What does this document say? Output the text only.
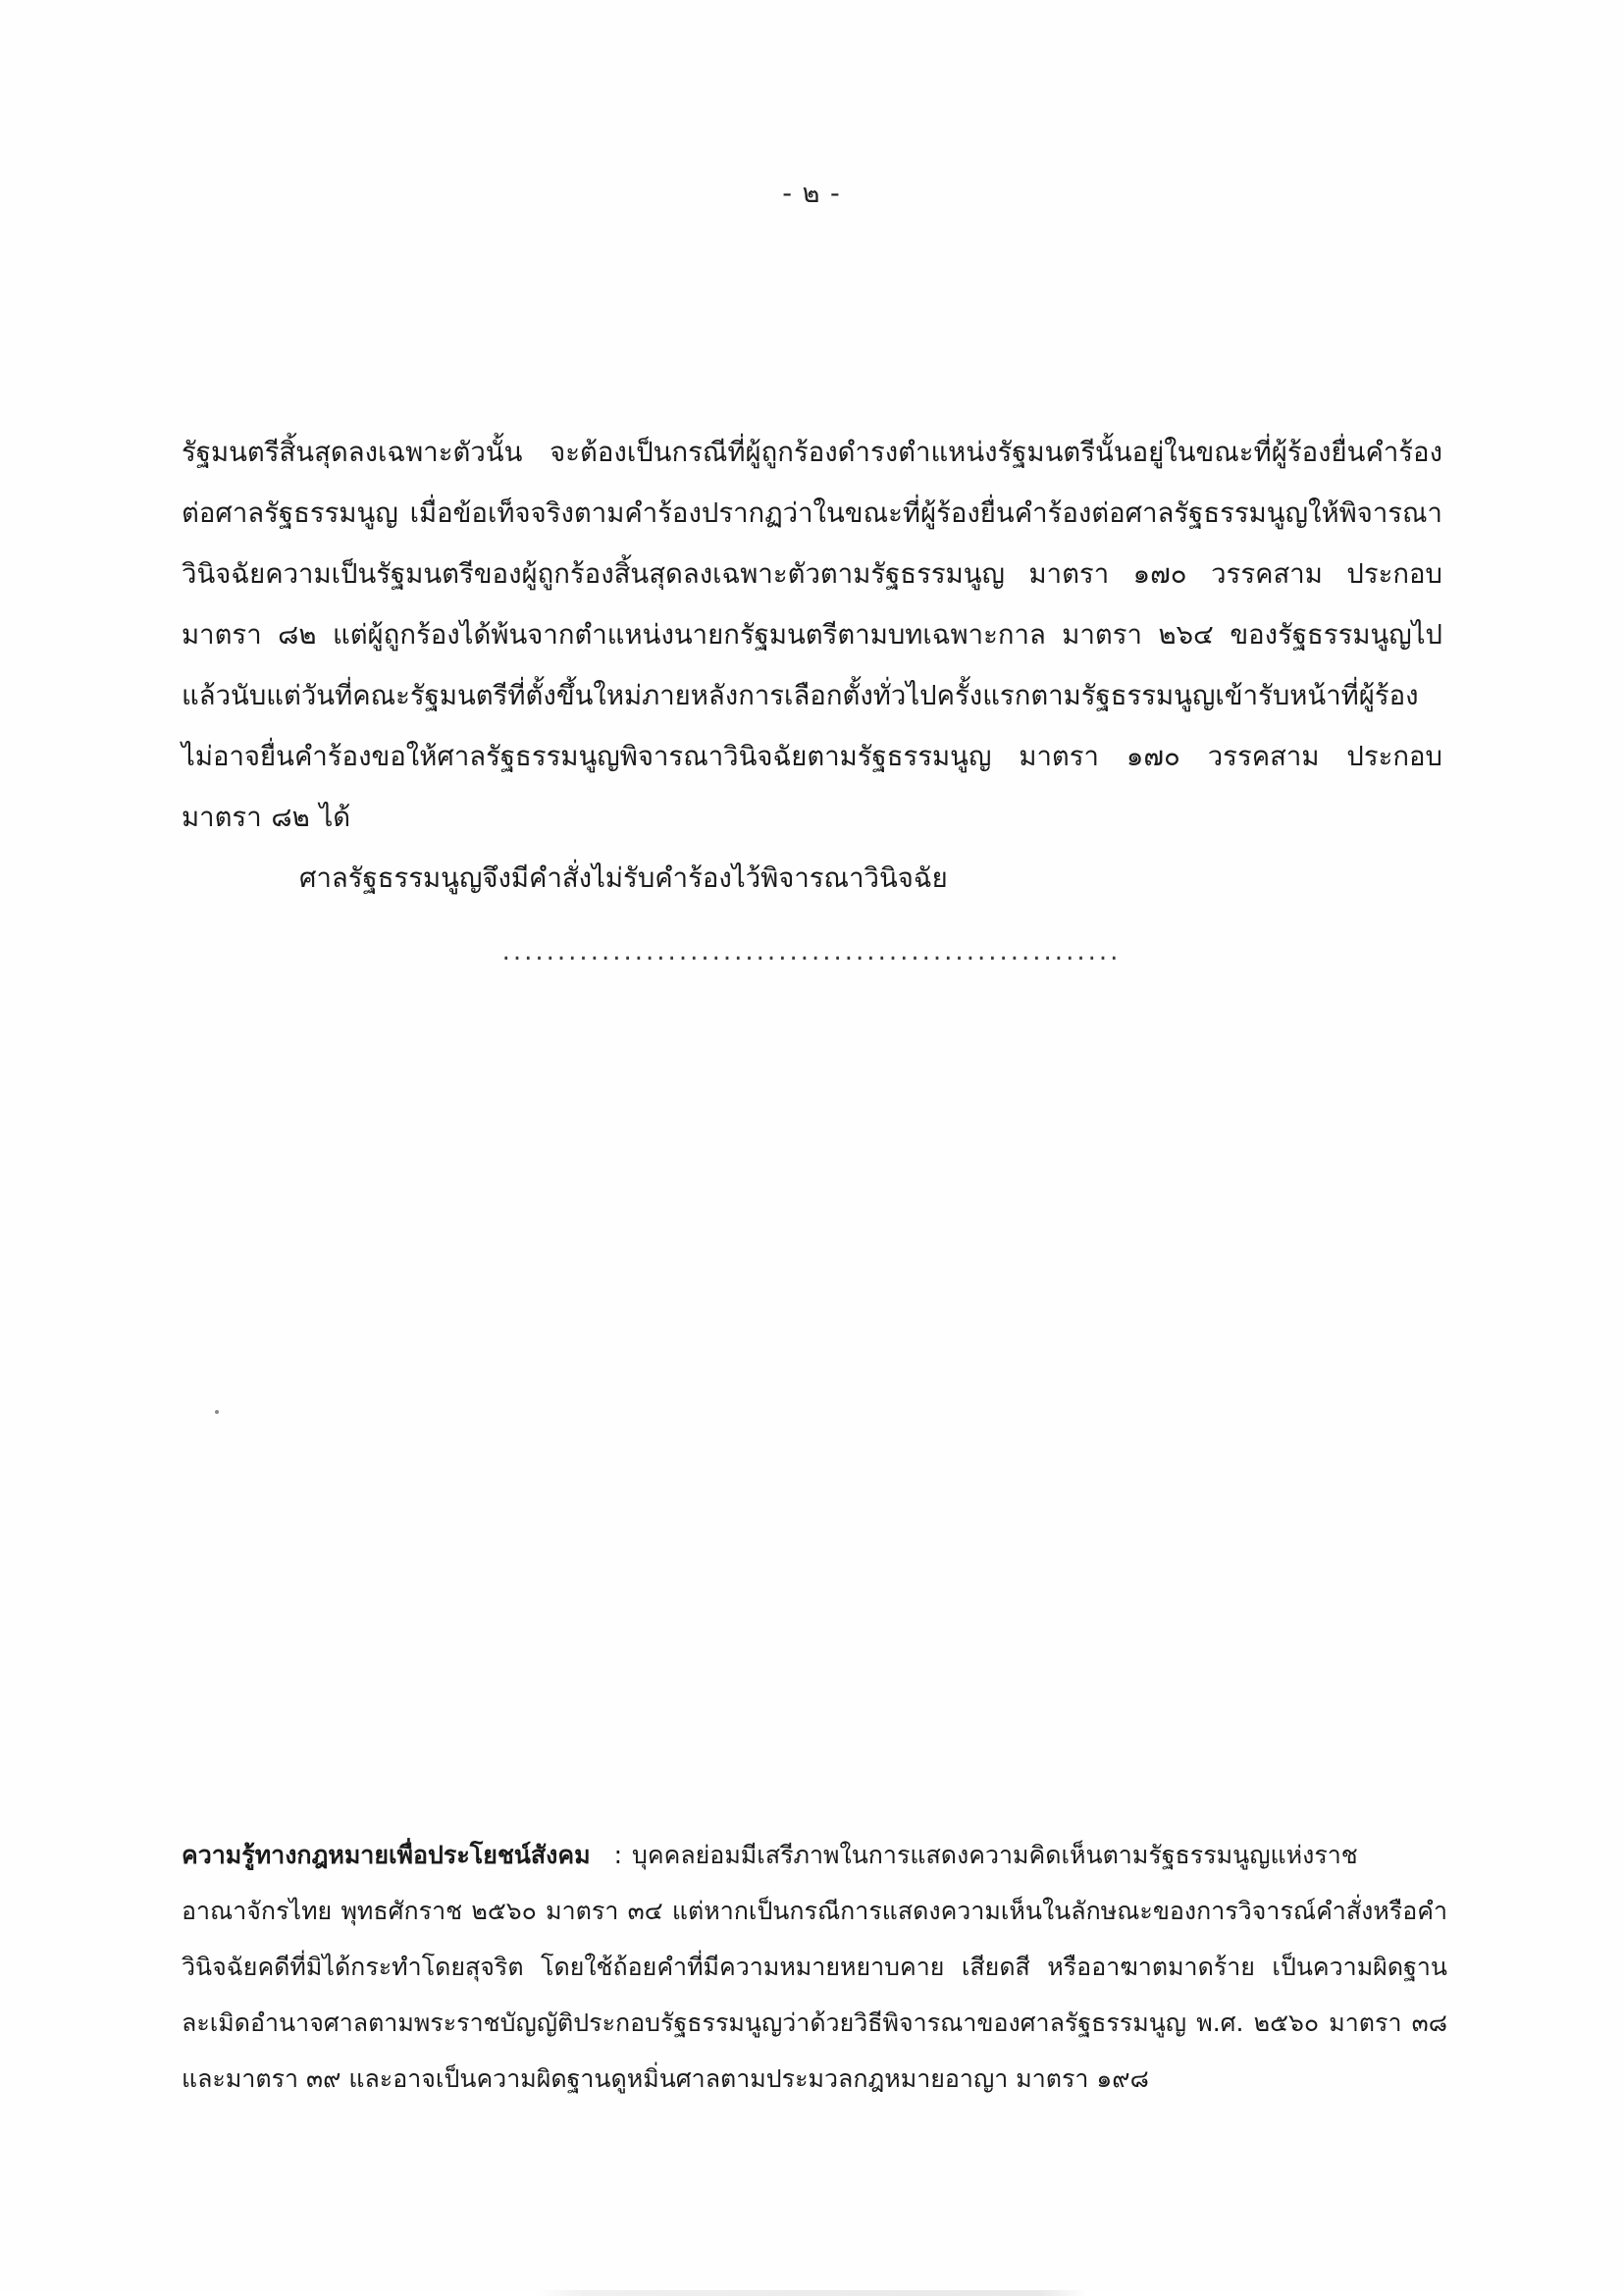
- ๒ -

รัฐมนตรีสิ้นสุดลงเฉพาะตัวนั้น จะต้องเป็นกรณีที่ผู้ถูกร้องดำรงตำแหน่งรัฐมนตรีนั้นอยู่ในขณะที่ผู้ร้องยื่นคำร้องต่อศาลรัฐธรรมนูญ เมื่อข้อเท็จจริงตามคำร้องปรากฏว่าในขณะที่ผู้ร้องยื่นคำร้องต่อศาลรัฐธรรมนูญให้พิจารณาวินิจฉัยความเป็นรัฐมนตรีของผู้ถูกร้องสิ้นสุดลงเฉพาะตัวตามรัฐธรรมนูญ มาตรา ๑๗๐ วรรคสาม ประกอบมาตรา ๘๒ แต่ผู้ถูกร้องได้พ้นจากตำแหน่งนายกรัฐมนตรีตามบทเฉพาะกาล มาตรา ๒๖๔ ของรัฐธรรมนูญไปแล้วนับแต่วันที่คณะรัฐมนตรีที่ตั้งขึ้นใหม่ภายหลังการเลือกตั้งทั่วไปครั้งแรกตามรัฐธรรมนูญเข้ารับหน้าที่ผู้ร้องไม่อาจยื่นคำร้องขอให้ศาลรัฐธรรมนูญพิจารณาวินิจฉัยตามรัฐธรรมนูญ มาตรา ๑๗๐ วรรคสาม ประกอบมาตรา ๘๒ ได้

ศาลรัฐธรรมนูญจึงมีคำสั่งไม่รับคำร้องไว้พิจารณาวินิจฉัย

........................................................

ความรู้ทางกฎหมายเพื่อประโยชน์สังคม : บุคคลย่อมมีเสรีภาพในการแสดงความคิดเห็นตามรัฐธรรมนูญแห่งราชอาณาจักรไทย พุทธศักราช ๒๕๖๐ มาตรา ๓๔ แต่หากเป็นกรณีการแสดงความเห็นในลักษณะของการวิจารณ์คำสั่งหรือคำวินิจฉัยคดีที่มิได้กระทำโดยสุจริต โดยใช้ถ้อยคำที่มีความหมายหยาบคาย เสียดสี หรืออาฆาตมาดร้าย เป็นความผิดฐานละเมิดอำนาจศาลตามพระราชบัญญัติประกอบรัฐธรรมนูญว่าด้วยวิธีพิจารณาของศาลรัฐธรรมนูญ พ.ศ. ๒๕๖๐ มาตรา ๓๘ และมาตรา ๓๙ และอาจเป็นความผิดฐานดูหมิ่นศาลตามประมวลกฎหมายอาญา มาตรา ๑๙๘
